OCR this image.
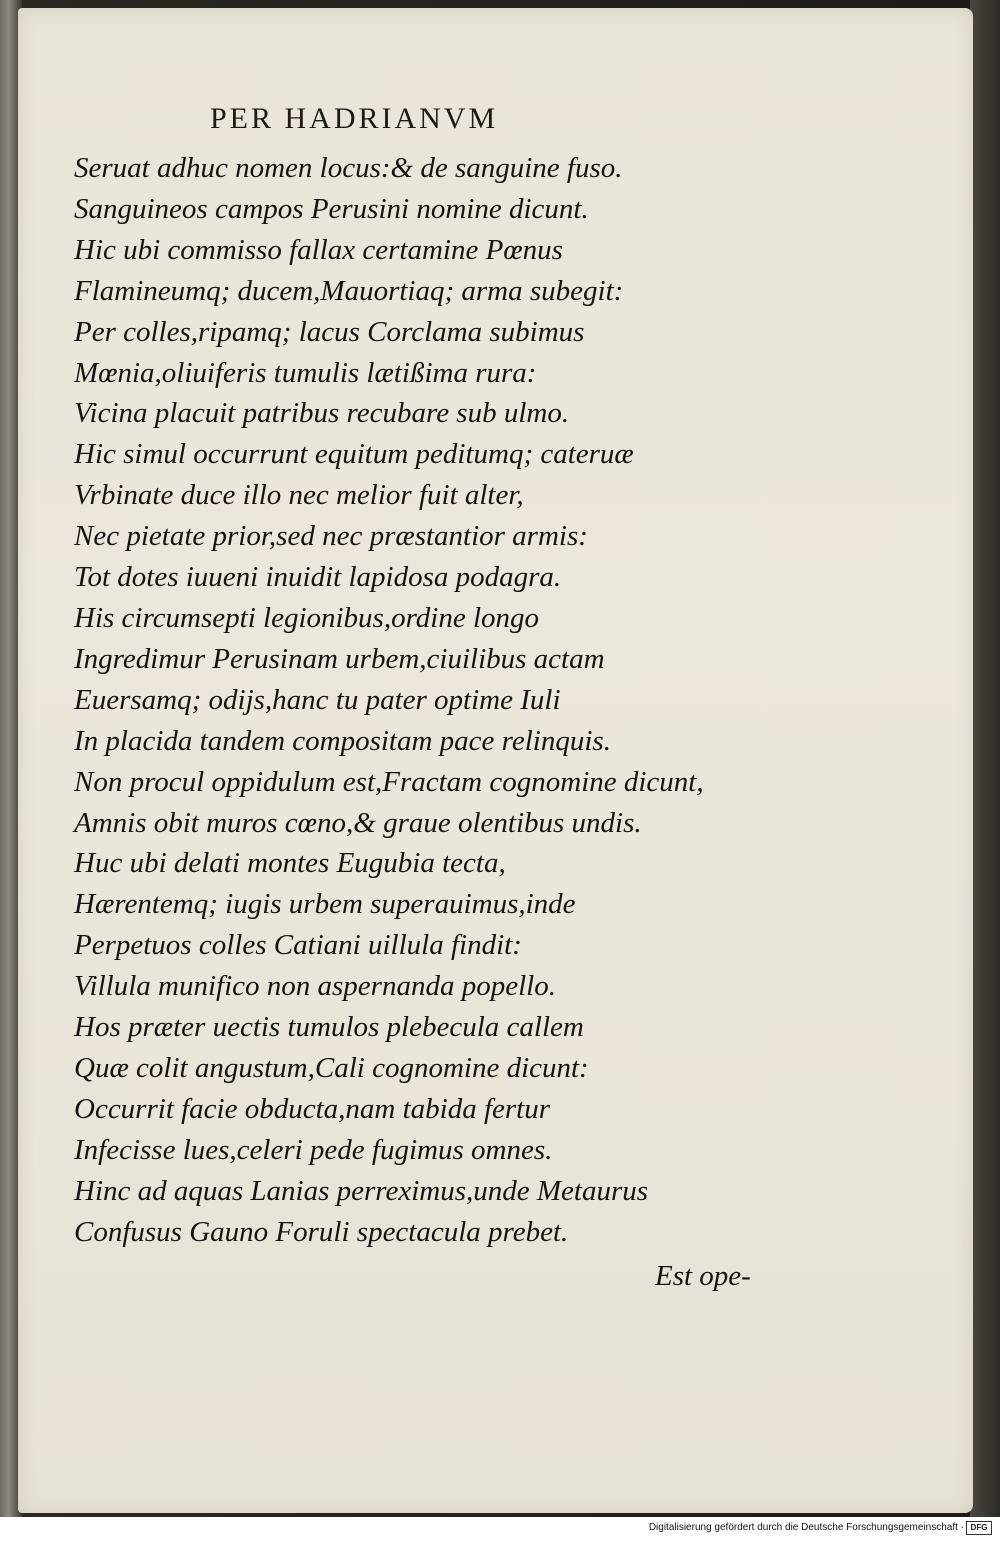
PER HADRIANVM
Seruat adhuc nomen locus:& de sanguine fuso.
Sanguineos campos Perusini nomine dicunt.
Hic ubi commisso fallax certamine Pœnus
Flamineumq; ducem,Mauortiaq; arma subegit:
Per colles,ripamq; lacus Corclama subimus
Mœnia,oliuiferis tumulis lætißima rura:
Vicina placuit patribus recubare sub ulmo.
Hic simul occurrunt equitum peditumq; cateruæ
Vrbinate duce illo nec melior fuit alter,
Nec pietate prior,sed nec præstantior armis:
Tot dotes iuueni inuidit lapidosa podagra.
His circumsepti legionibus,ordine longo
Ingredimur Perusinam urbem,ciuilibus actam
Euersamq; odijs,hanc tu pater optime Iuli
In placida tandem compositam pace relinquis.
Non procul oppidulum est,Fractam cognomine dicunt,
Amnis obit muros cœno,& graue olentibus undis.
Huc ubi delati montes Eugubia tecta,
Hærentemq; iugis urbem superauimus,inde
Perpetuos colles Catiani uillula findit:
Villula munifico non aspernanda popello.
Hos præter uectis tumulos plebecula callem
Quæ colit angustum,Cali cognomine dicunt:
Occurrit facie obducta,nam tabida fertur
Infecisse lues,celeri pede fugimus omnes.
Hinc ad aquas Lanias perreximus,unde Metaurus
Confusus Gauno Foruli spectacula prebet.
Est ope-
Digitalisierung gefördert durch die Deutsche Forschungsgemeinschaft · DFG
